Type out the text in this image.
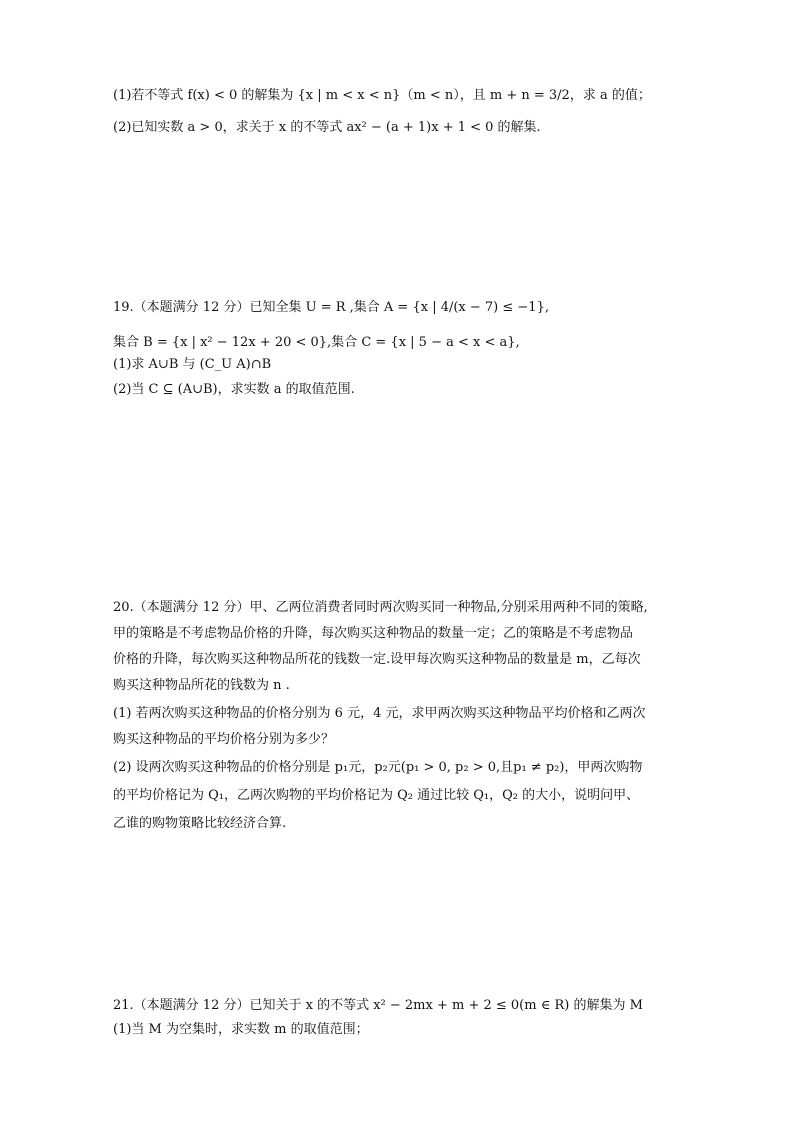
(1)若不等式 f(x) < 0 的解集为 {x | m < x < n}（m < n），且 m + n = 3/2，求 a 的值；
(2)已知实数 a > 0，求关于 x 的不等式 ax² − (a + 1)x + 1 < 0 的解集.
19.（本题满分 12 分）已知全集 U = R ,集合 A = {x | 4/(x − 7) ≤ −1},
集合 B = {x | x² − 12x + 20 < 0},集合 C = {x | 5 − a < x < a},
(1)求 A∪B 与 (C_U A)∩B
(2)当 C ⊆ (A∪B)，求实数 a 的取值范围.
20.（本题满分 12 分）甲、乙两位消费者同时两次购买同一种物品,分别采用两种不同的策略,
甲的策略是不考虑物品价格的升降，每次购买这种物品的数量一定；乙的策略是不考虑物品
价格的升降，每次购买这种物品所花的钱数一定.设甲每次购买这种物品的数量是 m，乙每次
购买这种物品所花的钱数为 n .
(1) 若两次购买这种物品的价格分别为 6 元，4 元，求甲两次购买这种物品平均价格和乙两次
购买这种物品的平均价格分别为多少？
(2) 设两次购买这种物品的价格分别是 p₁元，p₂元(p₁ > 0, p₂ > 0,且p₁ ≠ p₂)，甲两次购物
的平均价格记为 Q₁，乙两次购物的平均价格记为 Q₂ 通过比较 Q₁，Q₂ 的大小，说明问甲、
乙谁的购物策略比较经济合算.
21.（本题满分 12 分）已知关于 x 的不等式 x² − 2mx + m + 2 ≤ 0(m ∈ R) 的解集为 M
(1)当 M 为空集时，求实数 m 的取值范围；
